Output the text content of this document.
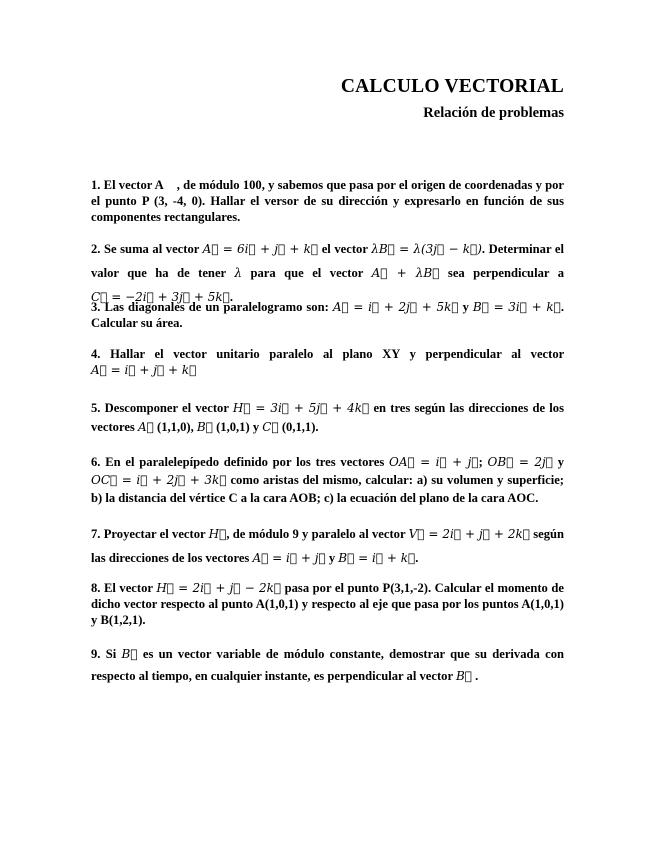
CALCULO VECTORIAL
Relación de problemas

1. El vector A⃗ , de módulo 100, y sabemos que pasa por el origen de coordenadas y por el punto P (3, -4, 0). Hallar el versor de su dirección y expresarlo en función de sus componentes rectangulares.

2. Se suma al vector A⃗ = 6i⃗ + j⃗ + k⃗ el vector λB⃗ = λ(3j⃗ − k⃗). Determinar el valor que ha de tener λ para que el vector A⃗ + λB⃗ sea perpendicular a C⃗ = −2i⃗ + 3j⃗ + 5k⃗.

3. Las diagonales de un paralelogramo son: A⃗ = i⃗ + 2j⃗ + 5k⃗ y B⃗ = 3i⃗ + k⃗. Calcular su área.

4. Hallar el vector unitario paralelo al plano XY y perpendicular al vector A⃗ = i⃗ + j⃗ + k⃗

5. Descomponer el vector H⃗ = 3i⃗ + 5j⃗ + 4k⃗ en tres según las direcciones de los vectores A⃗ (1,1,0), B⃗ (1,0,1) y C⃗ (0,1,1).

6. En el paralelepípedo definido por los tres vectores OA⃗ = i⃗ + j⃗; OB⃗ = 2j⃗ y OC⃗ = i⃗ + 2j⃗ + 3k⃗ como aristas del mismo, calcular: a) su volumen y superficie; b) la distancia del vértice C a la cara AOB; c) la ecuación del plano de la cara AOC.

7. Proyectar el vector H⃗, de módulo 9 y paralelo al vector V⃗ = 2i⃗ + j⃗ + 2k⃗ según las direcciones de los vectores A⃗ = i⃗ + j⃗ y B⃗ = i⃗ + k⃗.

8. El vector H⃗ = 2i⃗ + j⃗ − 2k⃗ pasa por el punto P(3,1,-2). Calcular el momento de dicho vector respecto al punto A(1,0,1) y respecto al eje que pasa por los puntos A(1,0,1) y B(1,2,1).

9. Si B⃗ es un vector variable de módulo constante, demostrar que su derivada con respecto al tiempo, en cualquier instante, es perpendicular al vector B⃗ .
